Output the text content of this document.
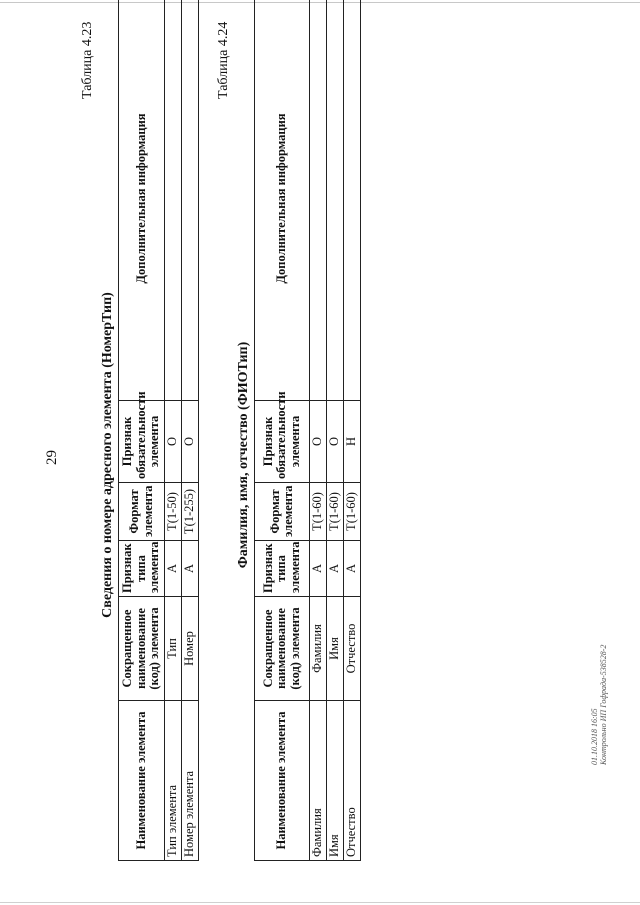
29
Таблица 4.23
Сведения о номере адресного элемента (НомерТип)
Наименование элемента	Сокращенное наименование (код) элемента	Признак типа элемента	Формат элемента	Признак обязательности элемента	Дополнительная информация
Тип элемента	Тип	А	T(1-50)	О	
Номер элемента	Номер	А	T(1-255)	О	
Таблица 4.24
Фамилия, имя, отчество (ФИОТип)
Наименование элемента	Сокращенное наименование (код) элемента	Признак типа элемента	Формат элемента	Признак обязательности элемента	Дополнительная информация
Фамилия	Фамилия	А	T(1-60)	О	
Имя	Имя	А	T(1-60)	О	
Отчество	Отчество	А	T(1-60)	Н	
01.10.2018 16:05 Контрольно ИП Гофрада-538528-2
